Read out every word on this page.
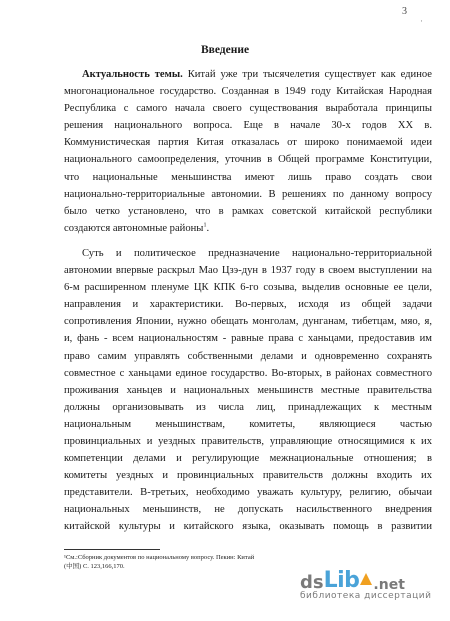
3
·
Введение

Актуальность темы. Китай уже три тысячелетия существует как единое

многонациональное государство. Созданная в 1949 году Китайская Народная

Республика с самого начала своего существования выработала принципы

решения национального вопроса. Еще в начале 30-х годов XX в.

Коммунистическая партия Китая отказалась от широко понимаемой идеи

национального самоопределения, уточнив в Общей программе Конституции,

что национальные меньшинства имеют лишь право создать свои

национально-территориальные автономии. В решениях по данному вопросу

было четко установлено, что в рамках советской китайской республики

создаются автономные районы$^1$.

Суть и политическое предназначение национально-территориальной

автономии впервые раскрыл Мао Цзэ-дун в 1937 году в своем выступлении на

6-м расширенном пленуме ЦК КПК 6-го созыва, выделив основные ее цели,

направления и характеристики. Во-первых, исходя из общей задачи

сопротивления Японии, нужно обещать монголам, дунганам, тибетцам, мяо, я,

и, фань - всем национальностям - равные права с ханьцами, предоставив им

право самим управлять собственными делами и одновременно сохранять

совместное с ханьцами единое государство. Во-вторых, в районах совместного

проживания ханьцев и национальных меньшинств местные правительства

должны организовывать из числа лиц, принадлежащих к местным

национальным меньшинствам, комитеты, являющиеся частью

провинциальных и уездных правительств, управляющие относящимися к их

компетенции делами и регулирующие межнациональные отношения; в

комитеты уездных и провинциальных правительств должны входить их

представители. В-третьих, необходимо уважать культуру, религию, обычаи

национальных меньшинств, не допускать насильственного внедрения

китайской культуры и китайского языка, оказывать помощь в развитии

¹См.:Сборник документов по национальному вопросу. Пекин: Китай
(中国) С. 123,166,170.
ds Lib .net
библиотека диссертаций
